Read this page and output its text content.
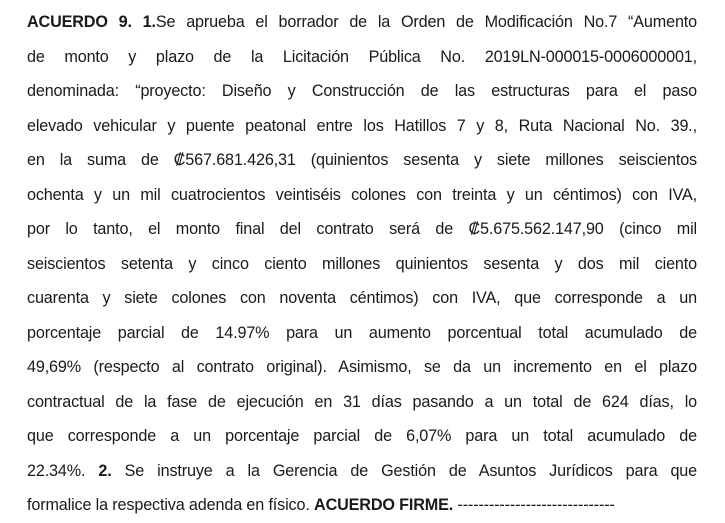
ACUERDO 9. 1.Se aprueba el borrador de la Orden de Modificación No.7 “Aumento
de monto y plazo de la Licitación Pública No. 2019LN-000015-0006000001,
denominada: “proyecto: Diseño y Construcción de las estructuras para el paso
elevado vehicular y puente peatonal entre los Hatillos 7 y 8, Ruta Nacional No. 39.,
en la suma de ₡567.681.426,31 (quinientos sesenta y siete millones seiscientos
ochenta y un mil cuatrocientos veintiséis colones con treinta y un céntimos) con IVA,
por lo tanto, el monto final del contrato será de ₡5.675.562.147,90 (cinco mil
seiscientos setenta y cinco ciento millones quinientos sesenta y dos mil ciento
cuarenta y siete colones con noventa céntimos) con IVA, que corresponde a un
porcentaje parcial de 14.97% para un aumento porcentual total acumulado de
49,69% (respecto al contrato original). Asimismo, se da un incremento en el plazo
contractual de la fase de ejecución en 31 días pasando a un total de 624 días, lo
que corresponde a un porcentaje parcial de 6,07% para un total acumulado de
22.34%. 2. Se instruye a la Gerencia de Gestión de Asuntos Jurídicos para que
formalice la respectiva adenda en físico. ACUERDO FIRME. ------------------------------
